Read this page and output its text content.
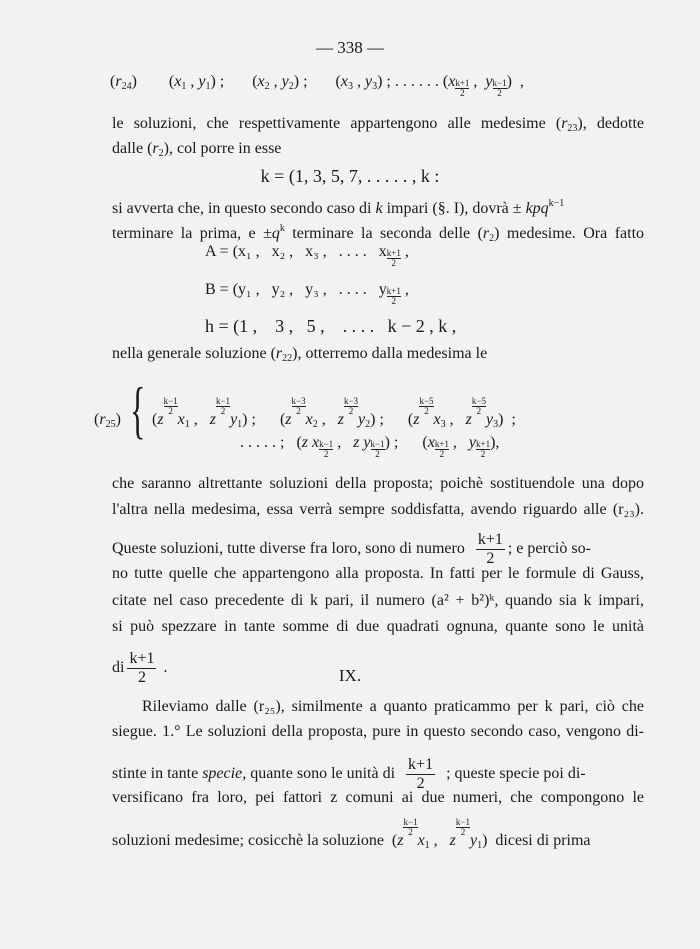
— 338 —
$(r_{24})$ ($x_1$ , $y_1$) ; ($x_2$ , $y_2$) ; ($x_3$ , $y_3$) ; . . . . . . ($x \frac{k+1}{2}$ ,  y $\frac{k-1}{2}$ )  ,
le soluzioni, che respettivamente appartengono alle medesime $(r_{23})$, dedotte
dalle $(r_2)$, col porre in esse
k = (1, 3, 5, 7, . . . . . , k :
si avverta che, in questo secondo caso di k impari (§. I), dovrà ± kpq$^{k-1}$
terminare la prima, $e \pm q^k$ terminare la seconda delle $(r_2)$ medesime. Ora fatto
A = (x₁ ,   x₂ ,   x₃ ,   . . . .   x $\frac{k+1}{2}$ ,
B = (y₁ ,   y₂ ,   y₃ ,   . . . .   y $\frac{k+1}{2}$ ,
h = (1 ,    3 ,   5 ,    . . . .   k − 2 , k ,
nella generale soluzione $(r_{22})$, otterremo dalla medesima le
$(r_{25})$ { (z
$\frac{k-1}{2}$
$x_1$ ,   z
$\frac{k-1}{2}$
$y_1$) ;      (z
$\frac{k-3}{2}$
$x_2$ ,   z
$\frac{k-3}{2}$
$y_2$) ;      (z
$\frac{k-5}{2}$
$x_3$ ,   z
$\frac{k-5}{2}$
$y_3$)  ;
. . . . . ;   (z x $\frac{k-1}{2}$ ,   z y $\frac{k-1}{2}$ ) ;      ($x \frac{k+1}{2}$ ,   y $\frac{k+1}{2}$ ),
che saranno altrettante soluzioni della proposta; poichè sostituendole una dopo
l'altra nella medesima, essa verrà sempre soddisfatta, avendo riguardo alle (r₂₃).
Queste soluzioni, tutte diverse fra loro, sono di numero $\frac{k+1}{2}$ ; e perciò so-
no tutte quelle che appartengono alla proposta. In fatti per le formule di Gauss,
citate nel caso precedente di k pari, il numero (a² + b²)ᵏ, quando sia k impari,
si può spezzare in tante somme di due quadrati ognuna, quante sono le unità
di $\frac{k+1}{2}$ .	IX.
Rileviamo dalle (r₂₅), similmente a quanto praticammo per k pari, ciò che
siegue. 1.° Le soluzioni della proposta, pure in questo secondo caso, vengono di-
stinte in tante specie, quante sono le unità di $\frac{k+1}{2}$ ; queste specie poi di-
versificano fra loro, pei fattori z comuni ai due numeri, che compongono le
soluzioni medesime; cosicchè la soluzione  (z
$\frac{k-1}{2}$
$x_1$ ,   z
$\frac{k-1}{2}$
$y_1$)  dicesi di prima
